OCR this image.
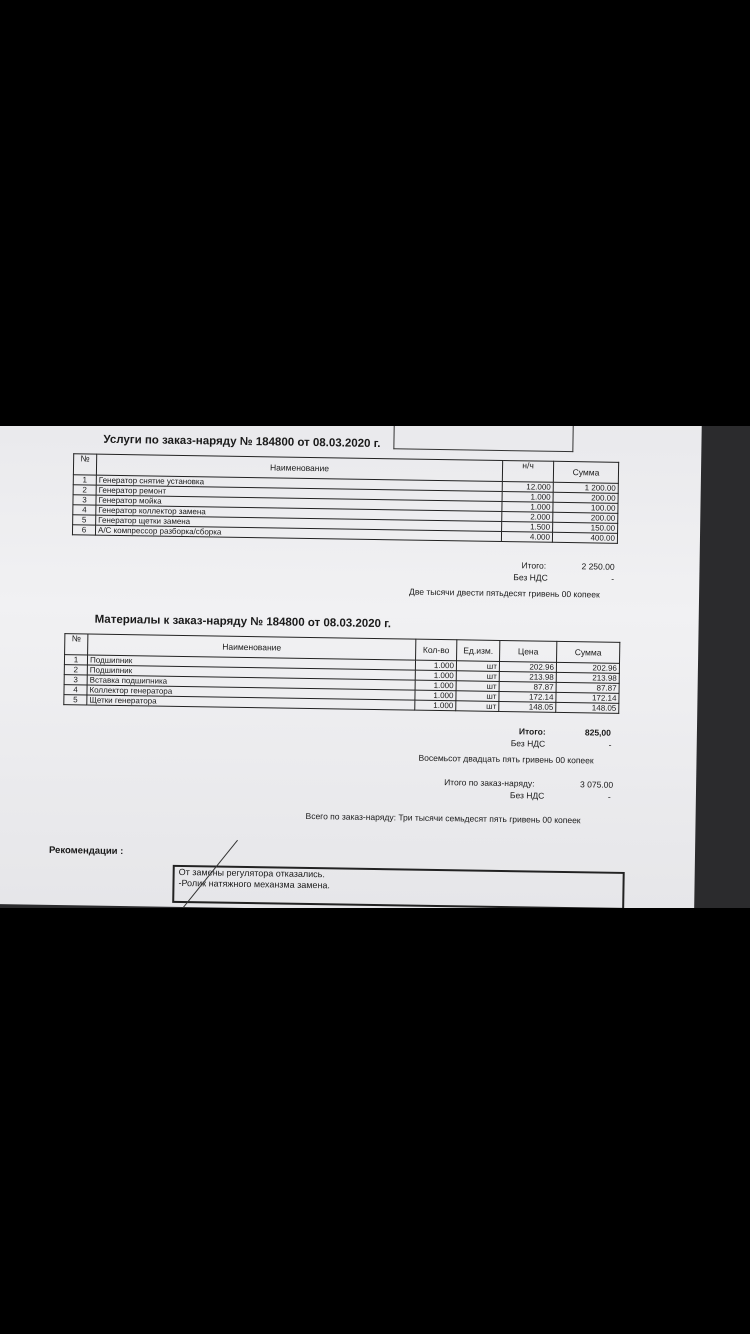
Услуги по заказ-наряду № 184800 от 08.03.2020 г.
№	Наименование	н/ч	Сумма
1	Генератор снятие установка	12.000	1 200.00
2	Генератор ремонт	1.000	200.00
3	Генератор мойка	1.000	100.00
4	Генератор коллектор замена	2.000	200.00
5	Генератор щетки замена	1.500	150.00
6	А/С компрессор разборка/сборка	4.000	400.00
Итого:	2 250.00
Без НДС	-
Две тысячи двести пятьдесят гривень 00 копеек
Материалы к заказ-наряду № 184800 от 08.03.2020 г.
№	Наименование	Кол-во	Ед.изм.	Цена	Сумма
1	Подшипник	1.000	шт	202.96	202.96
2	Подшипник	1.000	шт	213.98	213.98
3	Вставка подшипника	1.000	шт	87.87	87.87
4	Коллектор генератора	1.000	шт	172.14	172.14
5	Щетки генератора	1.000	шт	148.05	148.05
Итого:	825,00
Без НДС	-
Восемьсот двадцать пять гривень 00 копеек
Итого по заказ-наряду:	3 075.00
Без НДС	-
Всего по заказ-наряду: Три тысячи семьдесят пять гривень 00 копеек
Рекомендации :
От замены регулятора отказались.
-Ролик натяжного механзма замена.
